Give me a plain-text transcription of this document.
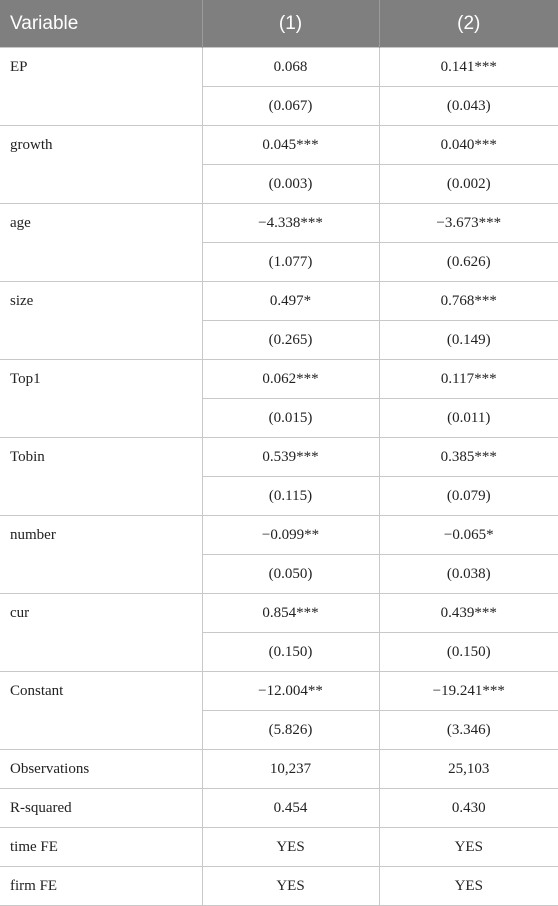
Variable	(1)	(2)
EP	0.068	0.141***
	(0.067)	(0.043)
growth	0.045***	0.040***
	(0.003)	(0.002)
age	−4.338***	−3.673***
	(1.077)	(0.626)
size	0.497*	0.768***
	(0.265)	(0.149)
Top1	0.062***	0.117***
	(0.015)	(0.011)
Tobin	0.539***	0.385***
	(0.115)	(0.079)
number	−0.099**	−0.065*
	(0.050)	(0.038)
cur	0.854***	0.439***
	(0.150)	(0.150)
Constant	−12.004**	−19.241***
	(5.826)	(3.346)
Observations	10,237	25,103
R-squared	0.454	0.430
time FE	YES	YES
firm FE	YES	YES
